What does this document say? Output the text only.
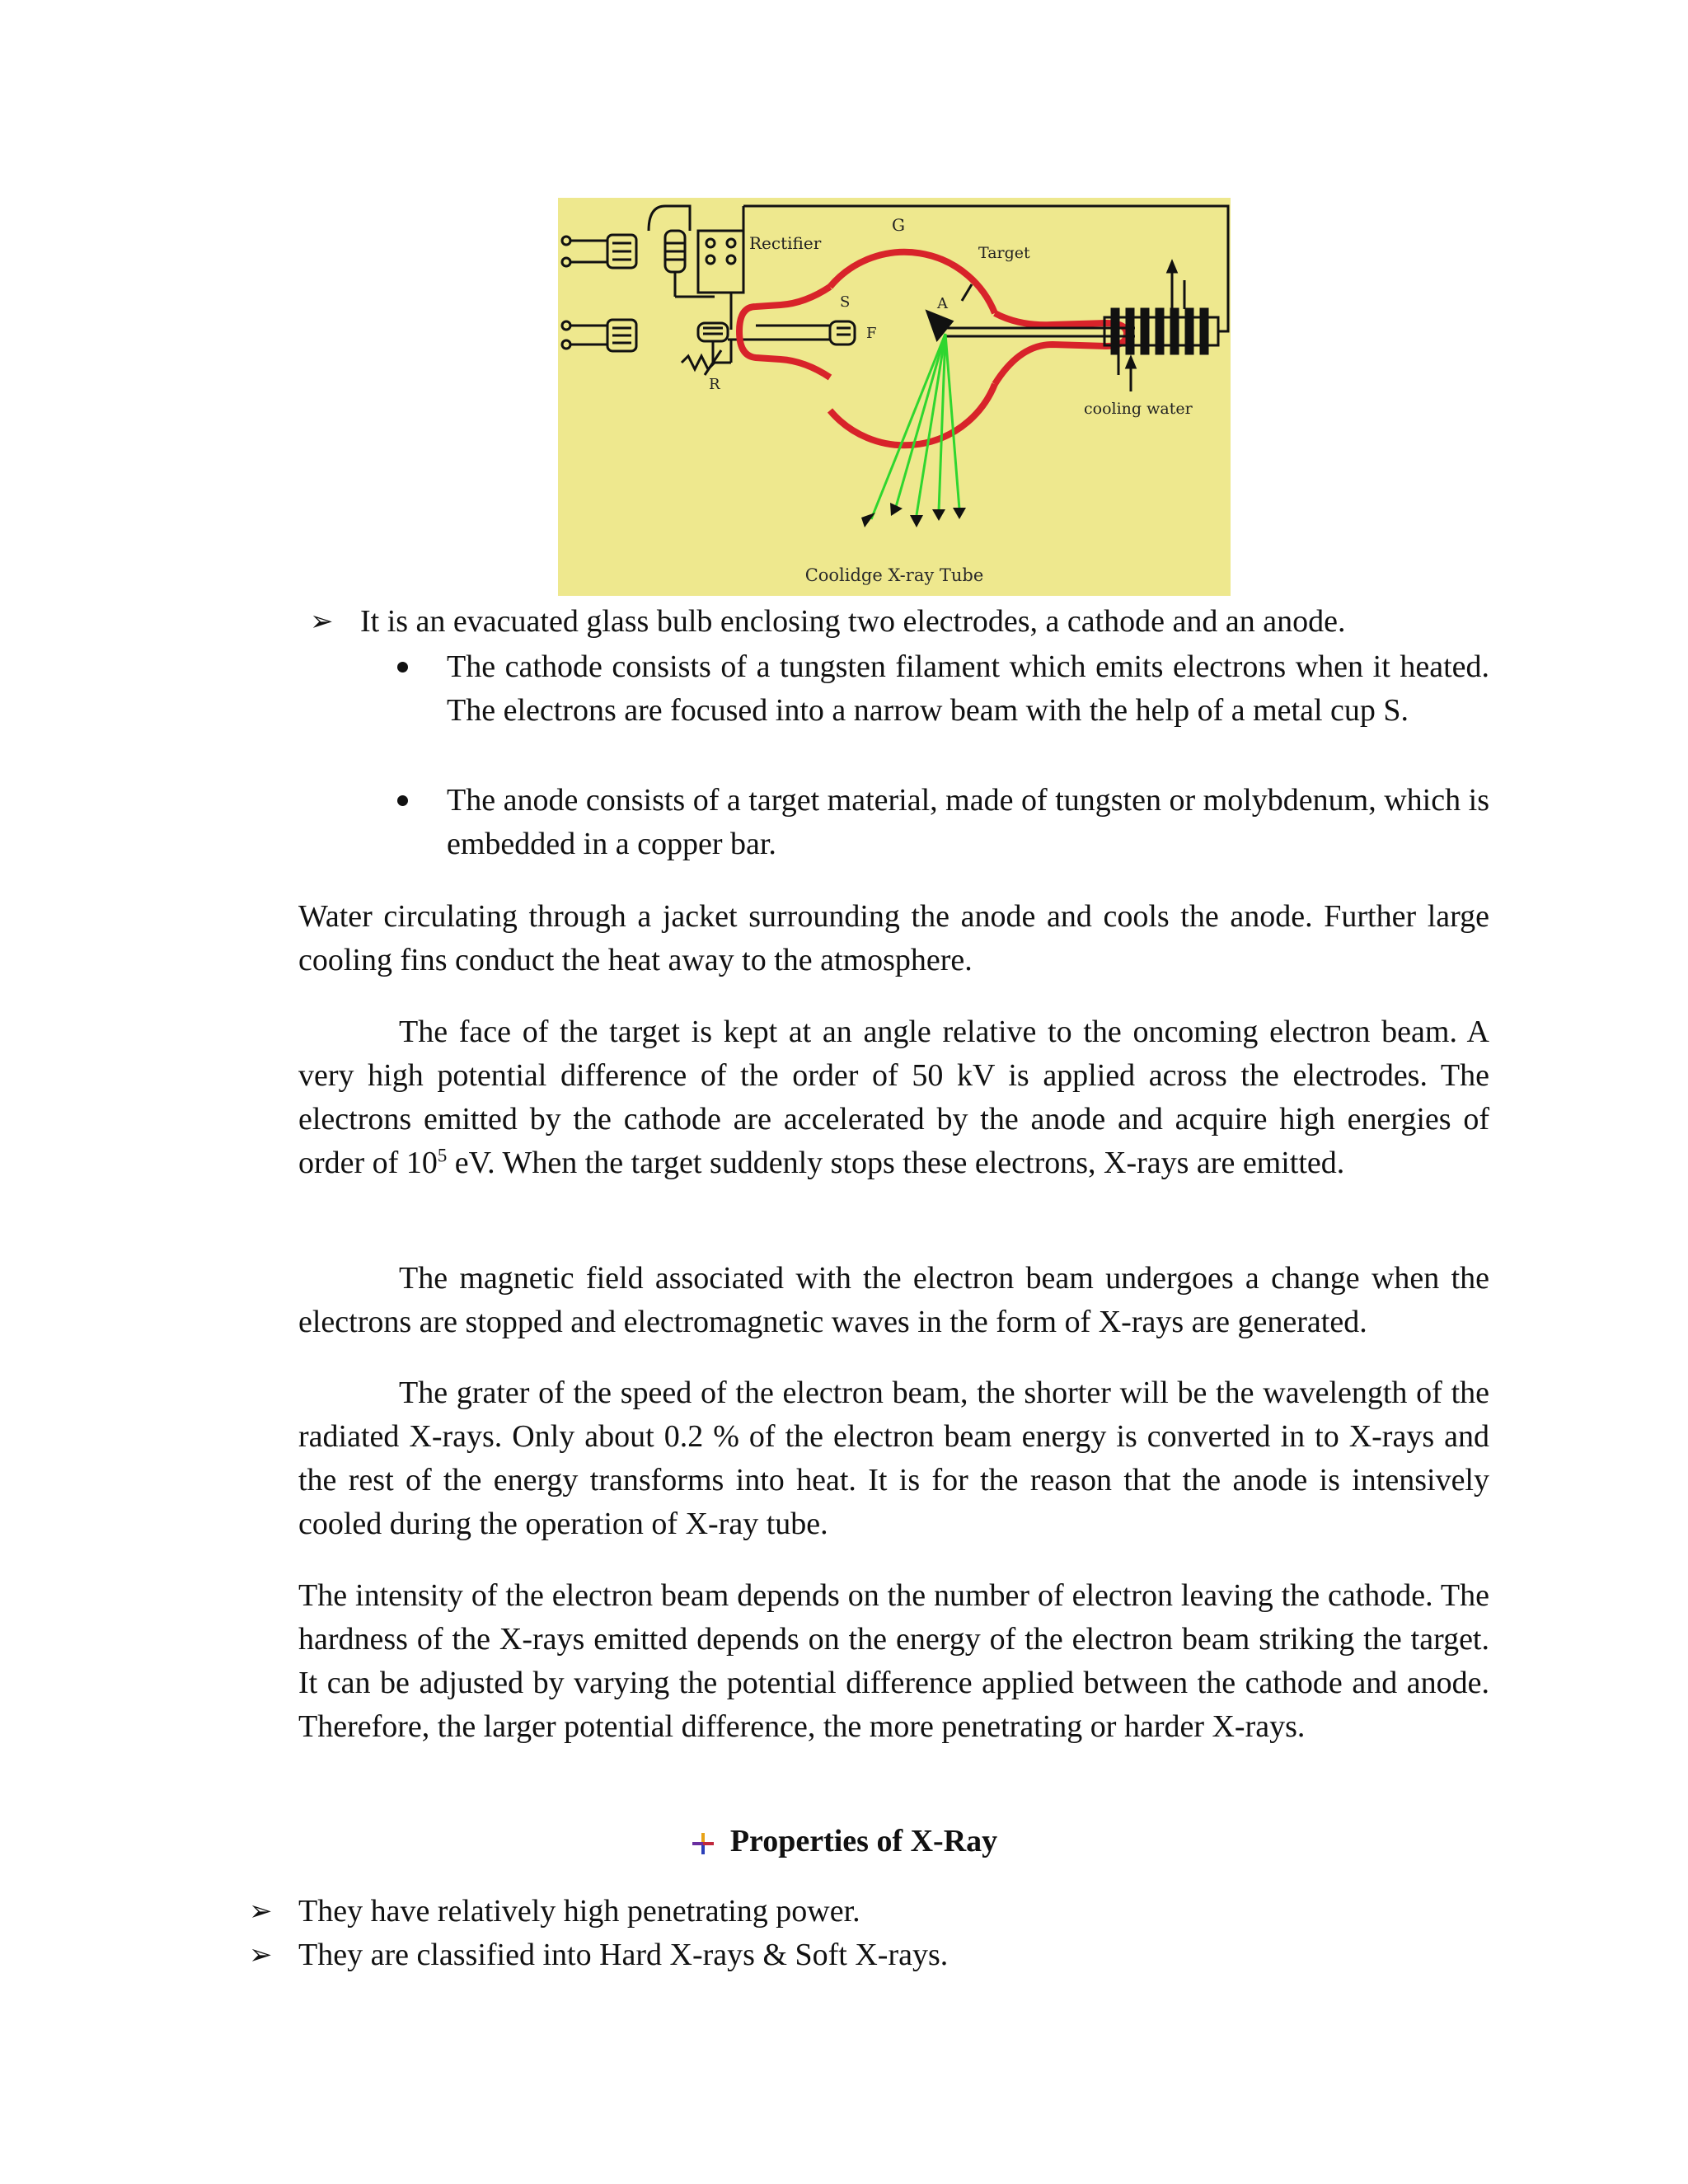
Rectifier
R
G
S
F
A
Target
cooling water
Coolidge X-ray Tube
➢ It is an evacuated glass bulb enclosing two electrodes, a cathode and an anode.
The cathode consists of a tungsten filament which emits electrons when it heated. The electrons are focused into a narrow beam with the help of a metal cup S.
The anode consists of a target material, made of tungsten or molybdenum, which is embedded in a copper bar.
Water circulating through a jacket surrounding the anode and cools the anode. Further large cooling fins conduct the heat away to the atmosphere.
The face of the target is kept at an angle relative to the oncoming electron beam. A very high potential difference of the order of 50 kV is applied across the electrodes. The electrons emitted by the cathode are accelerated by the anode and acquire high energies of order of $10^5$ eV. When the target suddenly stops these electrons, X-rays are emitted.
The magnetic field associated with the electron beam undergoes a change when the electrons are stopped and electromagnetic waves in the form of X-rays are generated.
The grater of the speed of the electron beam, the shorter will be the wavelength of the radiated X-rays. Only about 0.2 % of the electron beam energy is converted in to X-rays and the rest of the energy transforms into heat. It is for the reason that the anode is intensively cooled during the operation of X-ray tube.
The intensity of the electron beam depends on the number of electron leaving the cathode. The hardness of the X-rays emitted depends on the energy of the electron beam striking the target. It can be adjusted by varying the potential difference applied between the cathode and anode. Therefore, the larger potential difference, the more penetrating or harder X-rays.
Properties of X-Ray
➢ They have relatively high penetrating power.
➢ They are classified into Hard X-rays & Soft X-rays.
